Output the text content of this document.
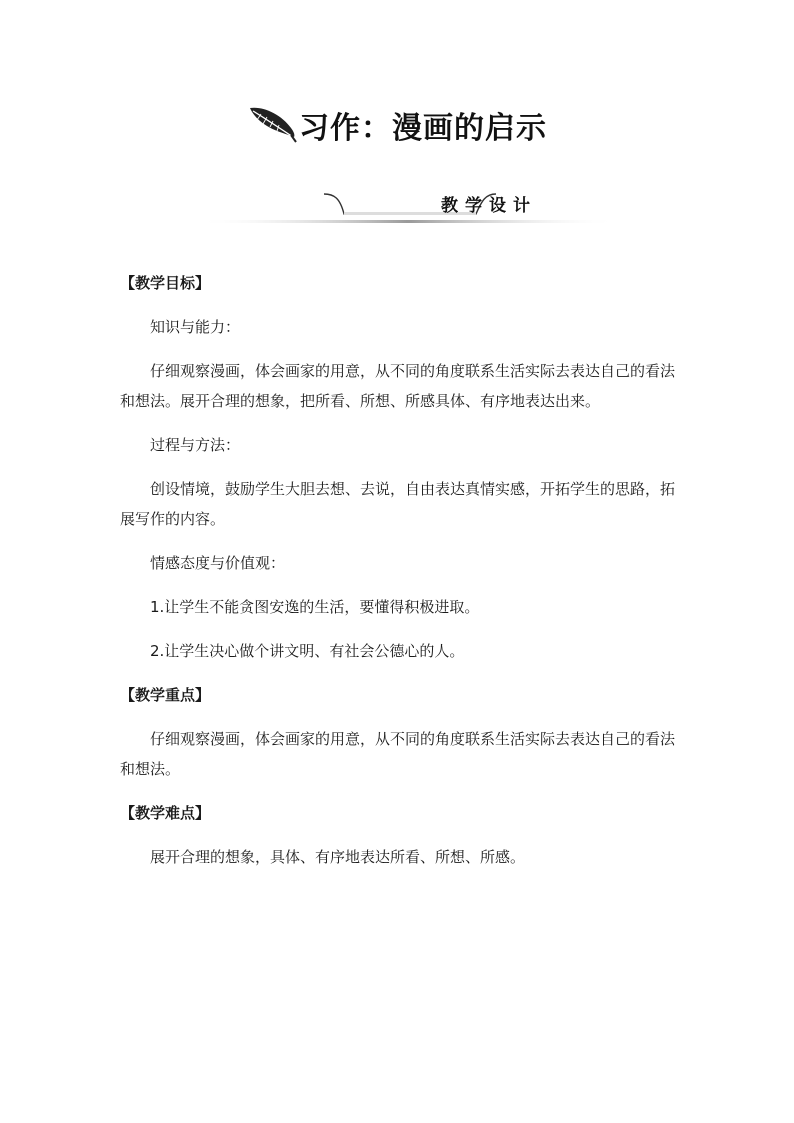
习作：漫画的启示
教学设计
【教学目标】
知识与能力：
仔细观察漫画，体会画家的用意，从不同的角度联系生活实际去表达自己的看法和想法。展开合理的想象，把所看、所想、所感具体、有序地表达出来。
过程与方法：
创设情境，鼓励学生大胆去想、去说，自由表达真情实感，开拓学生的思路，拓展写作的内容。
情感态度与价值观：
1.让学生不能贪图安逸的生活，要懂得积极进取。
2.让学生决心做个讲文明、有社会公德心的人。
【教学重点】
仔细观察漫画，体会画家的用意，从不同的角度联系生活实际去表达自己的看法和想法。
【教学难点】
展开合理的想象，具体、有序地表达所看、所想、所感。
